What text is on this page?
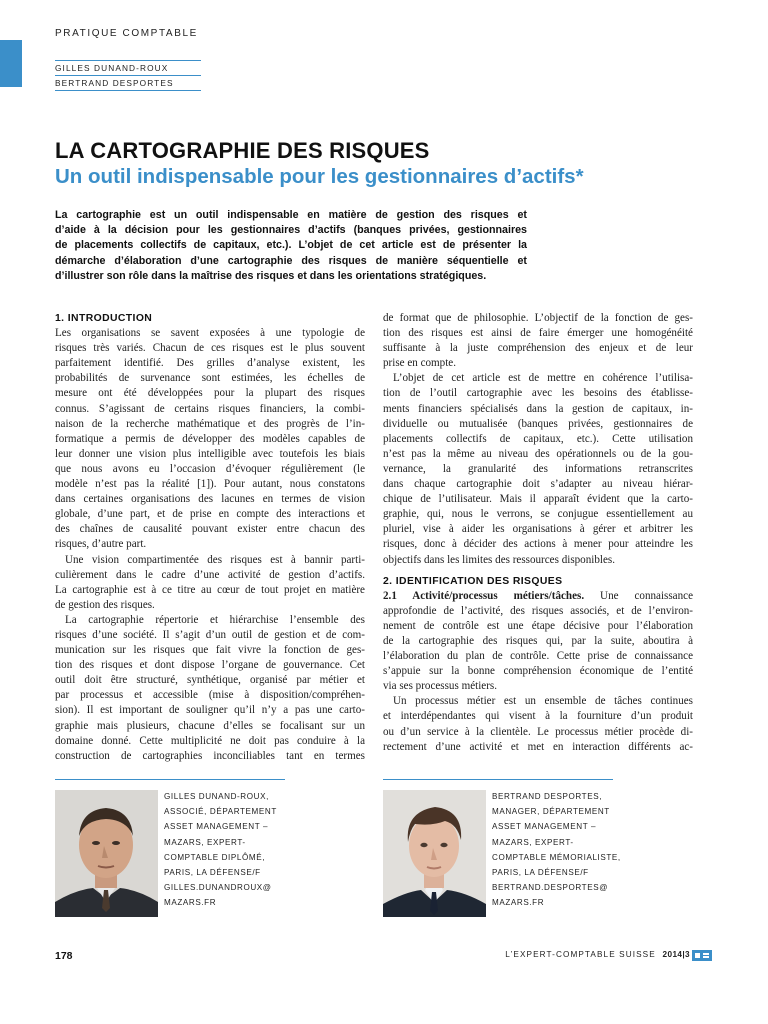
PRATIQUE COMPTABLE
GILLES DUNAND-ROUX
BERTRAND DESPORTES
LA CARTOGRAPHIE DES RISQUES
Un outil indispensable pour les gestionnaires d’actifs*
La cartographie est un outil indispensable en matière de gestion des risques et
d’aide à la décision pour les gestionnaires d’actifs (banques privées, gestionnaires
de placements collectifs de capitaux, etc.). L’objet de cet article est de présenter la
démarche d’élaboration d’une cartographie des risques de manière séquentielle et
d’illustrer son rôle dans la maîtrise des risques et dans les orientations stratégiques.
1. INTRODUCTION
Les organisations se savent exposées à une typologie de
risques très variés. Chacun de ces risques est le plus souvent
parfaitement identifié. Des grilles d’analyse existent, les
probabilités de survenance sont estimées, les échelles de
mesure ont été développées pour la plupart des risques
connus. S’agissant de certains risques financiers, la combi-
naison de la recherche mathématique et des progrès de l’in-
formatique a permis de développer des modèles capables de
leur donner une vision plus intelligible avec toutefois les biais
que nous avons eu l’occasion d’évoquer régulièrement (le
modèle n’est pas la réalité [1]). Pour autant, nous constatons
dans certaines organisations des lacunes en termes de vision
globale, d’une part, et de prise en compte des interactions et
des chaînes de causalité pouvant exister entre chacun des
risques, d’autre part.
Une vision compartimentée des risques est à bannir parti-
culièrement dans le cadre d’une activité de gestion d’actifs.
La cartographie est à ce titre au cœur de tout projet en matière
de gestion des risques.
La cartographie répertorie et hiérarchise l’ensemble des
risques d’une société. Il s’agit d’un outil de gestion et de com-
munication sur les risques que fait vivre la fonction de ges-
tion des risques et dont dispose l’organe de gouvernance. Cet
outil doit être structuré, synthétique, organisé par métier et
par processus et accessible (mise à disposition/compréhen-
sion). Il est important de souligner qu’il n’y a pas une carto-
graphie mais plusieurs, chacune d’elles se focalisant sur un
domaine donné. Cette multiplicité ne doit pas conduire à la
construction de cartographies inconciliables tant en termes
de format que de philosophie. L’objectif de la fonction de ges-
tion des risques est ainsi de faire émerger une homogénéité
suffisante à la juste compréhension des enjeux et de leur
prise en compte.
L’objet de cet article est de mettre en cohérence l’utilisa-
tion de l’outil cartographie avec les besoins des établisse-
ments financiers spécialisés dans la gestion de capitaux, in-
dividuelle ou mutualisée (banques privées, gestionnaires de
placements collectifs de capitaux, etc.). Cette utilisation
n’est pas la même au niveau des opérationnels ou de la gou-
vernance, la granularité des informations retranscrites
dans chaque cartographie doit s’adapter au niveau hiérar-
chique de l’utilisateur. Mais il apparaît évident que la carto-
graphie, qui, nous le verrons, se conjugue essentiellement au
pluriel, vise à aider les organisations à gérer et arbitrer les
risques, donc à décider des actions à mener pour atteindre les
objectifs dans les limites des ressources disponibles.
2. IDENTIFICATION DES RISQUES
2.1 Activité/processus métiers/tâches. Une connaissance
approfondie de l’activité, des risques associés, et de l’environ-
nement de contrôle est une étape décisive pour l’élaboration
de la cartographie des risques qui, par la suite, aboutira à
l’élaboration du plan de contrôle. Cette prise de connaissance
s’appuie sur la bonne compréhension économique de l’entité
via ses processus métiers.
Un processus métier est un ensemble de tâches continues
et interdépendantes qui visent à la fourniture d’un produit
ou d’un service à la clientèle. Le processus métier procède di-
rectement d’une activité et met en interaction différents ac-
GILLES DUNAND-ROUX,
ASSOCIÉ, DÉPARTEMENT
ASSET MANAGEMENT –
MAZARS, EXPERT-
COMPTABLE DIPLÔMÉ,
PARIS, LA DÉFENSE/F
GILLES.DUNANDROUX@
MAZARS.FR
BERTRAND DESPORTES,
MANAGER, DÉPARTEMENT
ASSET MANAGEMENT –
MAZARS, EXPERT-
COMPTABLE MÉMORIALISTE,
PARIS, LA DÉFENSE/F
BERTRAND.DESPORTES@
MAZARS.FR
178	L’EXPERT-COMPTABLE SUISSE 2014|3
